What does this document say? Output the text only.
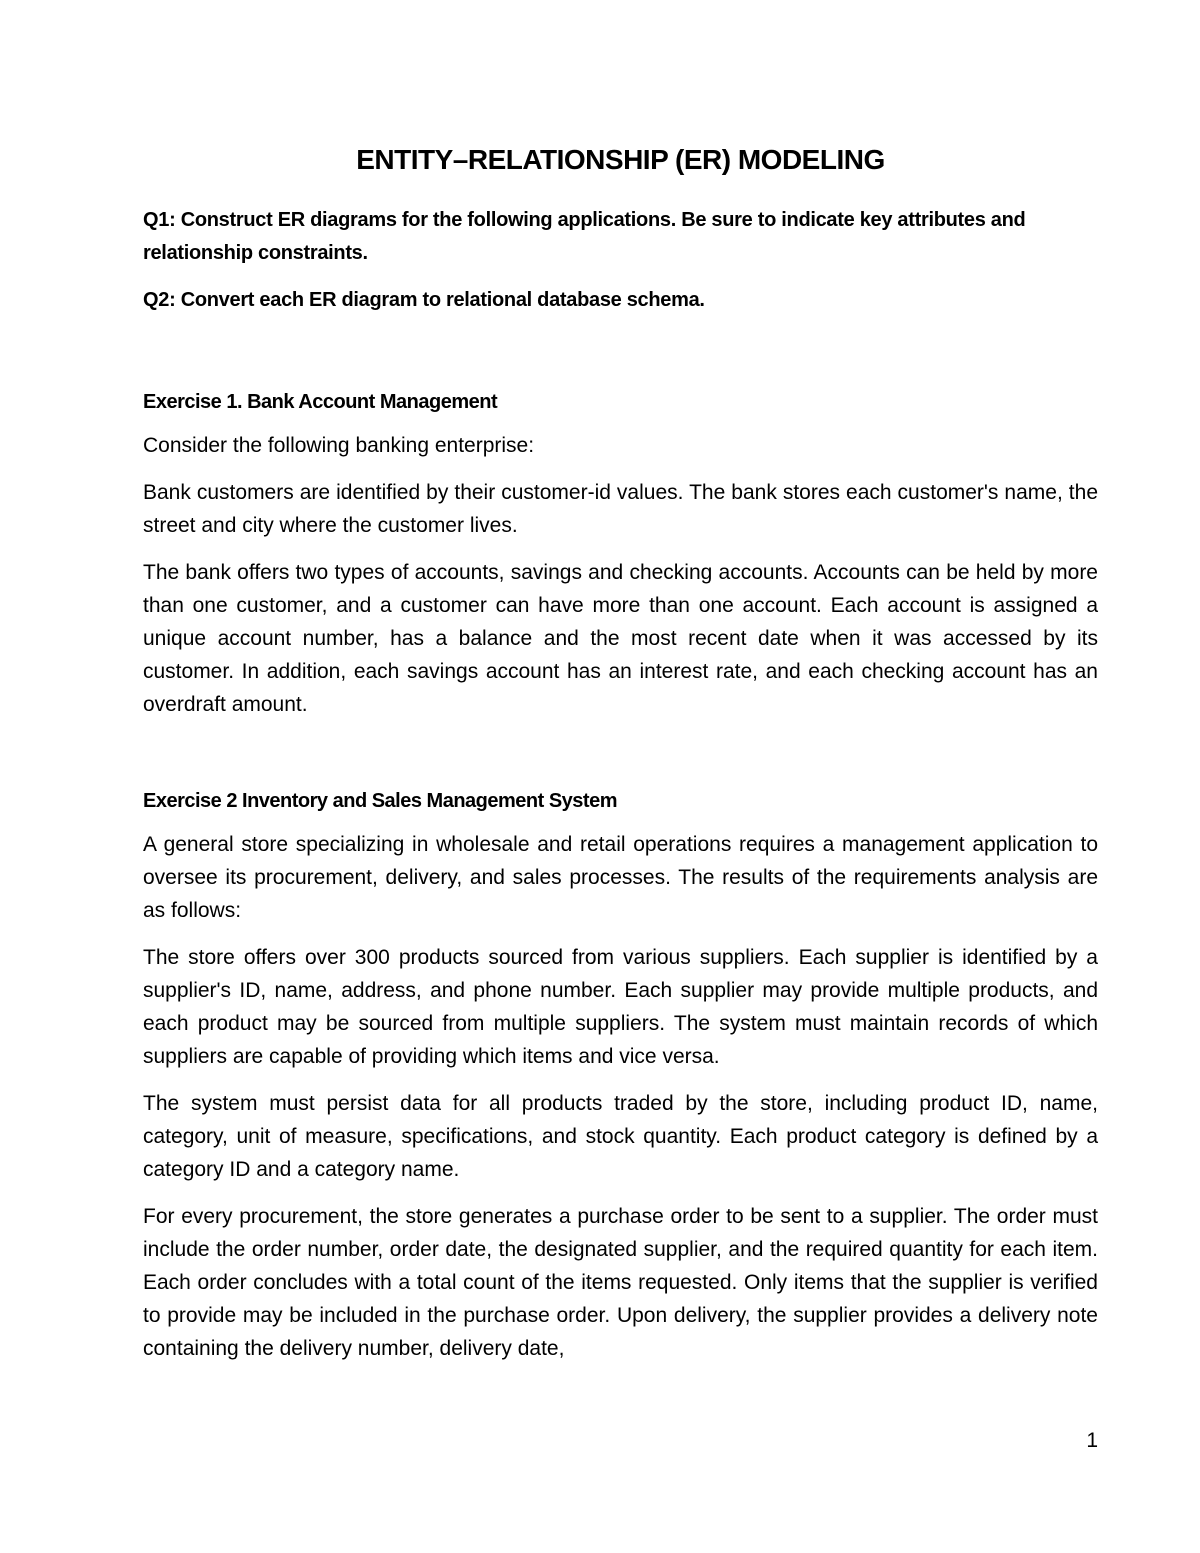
ENTITY–RELATIONSHIP (ER) MODELING

Q1: Construct ER diagrams for the following applications. Be sure to indicate key attributes and relationship constraints.

Q2: Convert each ER diagram to relational database schema.

Exercise 1. Bank Account Management

Consider the following banking enterprise:

Bank customers are identified by their customer-id values. The bank stores each customer's name, the street and city where the customer lives.

The bank offers two types of accounts, savings and checking accounts. Accounts can be held by more than one customer, and a customer can have more than one account. Each account is assigned a unique account number, has a balance and the most recent date when it was accessed by its customer. In addition, each savings account has an interest rate, and each checking account has an overdraft amount.

Exercise 2 Inventory and Sales Management System

A general store specializing in wholesale and retail operations requires a management application to oversee its procurement, delivery, and sales processes. The results of the requirements analysis are as follows:

The store offers over 300 products sourced from various suppliers. Each supplier is identified by a supplier's ID, name, address, and phone number. Each supplier may provide multiple products, and each product may be sourced from multiple suppliers. The system must maintain records of which suppliers are capable of providing which items and vice versa.

The system must persist data for all products traded by the store, including product ID, name, category, unit of measure, specifications, and stock quantity. Each product category is defined by a category ID and a category name.

For every procurement, the store generates a purchase order to be sent to a supplier. The order must include the order number, order date, the designated supplier, and the required quantity for each item. Each order concludes with a total count of the items requested. Only items that the supplier is verified to provide may be included in the purchase order. Upon delivery, the supplier provides a delivery note containing the delivery number, delivery date,

1
